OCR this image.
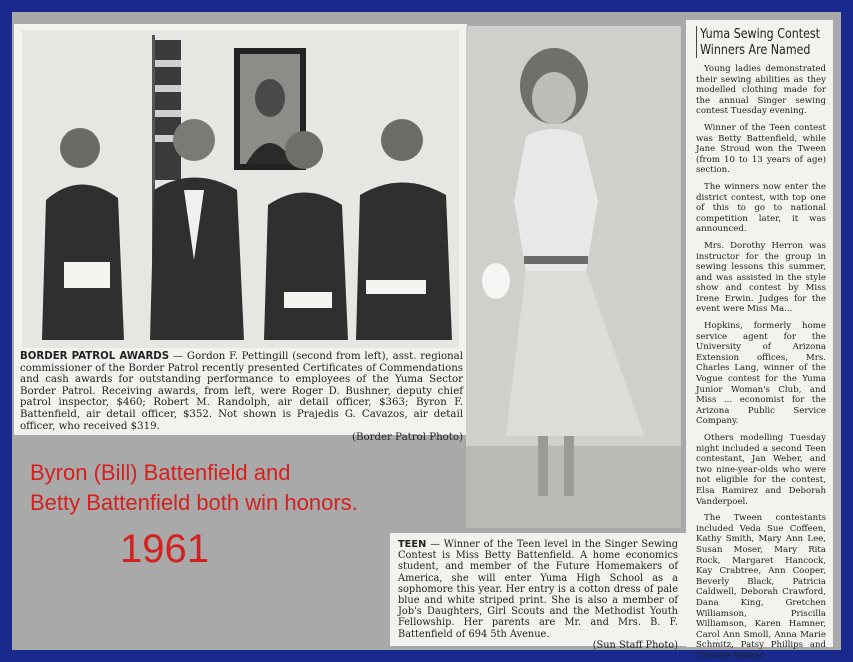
BORDER PATROL AWARDS — Gordon F. Pettingill (second from left), asst. regional commissioner of the Border Patrol recently presented Certificates of Commendations and cash awards for outstanding performance to employees of the Yuma Sector Border Patrol. Receiving awards, from left, were Roger D. Bushner, deputy chief patrol inspector, $460; Robert M. Randolph, air detail officer, $363; Byron F. Battenfield, air detail officer, $352. Not shown is Prajedis G. Cavazos, air detail officer, who received $319.
(Border Patrol Photo)
Byron (Bill) Battenfield and
Betty Battenfield both win honors.
1961	TEEN — Winner of the Teen level in the Singer Sewing Contest is Miss Betty Battenfield. A home economics student, and member of the Future Homemakers of America, she will enter Yuma High School as a sophomore this year. Her entry is a cotton dress of pale blue and white striped print. She is also a member of Job's Daughters, Girl Scouts and the Methodist Youth Fellowship. Her parents are Mr. and Mrs. B. F. Battenfield of 694 5th Avenue.
(Sun Staff Photo)

Yuma Sewing Contest Winners Are Named

Young ladies demonstrated their sewing abilities as they modelled clothing made for the annual Singer sewing contest Tuesday evening.

Winner of the Teen contest was Betty Battenfield, while Jane Stroud won the Tween (from 10 to 13 years of age) section.

The winners now enter the district contest, with top one of this to go to national competition later, it was announced.

Mrs. Dorothy Herron was instructor for the group in sewing lessons this summer, and was assisted in the style show and contest by Miss Irene Erwin. Judges for the event were Miss Ma...

Hopkins, formerly home service agent for the University of Arizona Extension offices, Mrs. Charles Lang, winner of the Vogue contest for the Yuma Junior Woman's Club, and Miss ... economist for the Arizona Public Service Company.

Others modelling Tuesday night included a second Teen contestant, Jan Weber, and two nine-year-olds who were not eligible for the contest, Elsa Ramirez and Deborah Vanderpoel.

The Tween contestants included Veda Sue Coffeen, Kathy Smith, Mary Ann Lee, Susan Moser, Mary Rita Rock, Margaret Hancock, Kay Crabtree, Ann Cooper, Beverly Black, Patricia Caldwell, Deborah Crawford, Dana King, Gretchen Williamson, Priscilla Williamson, Karen Hamner, Carol Ann Smoll, Anna Marie Schmitz, Patsy Phillips and Christie Walker.
